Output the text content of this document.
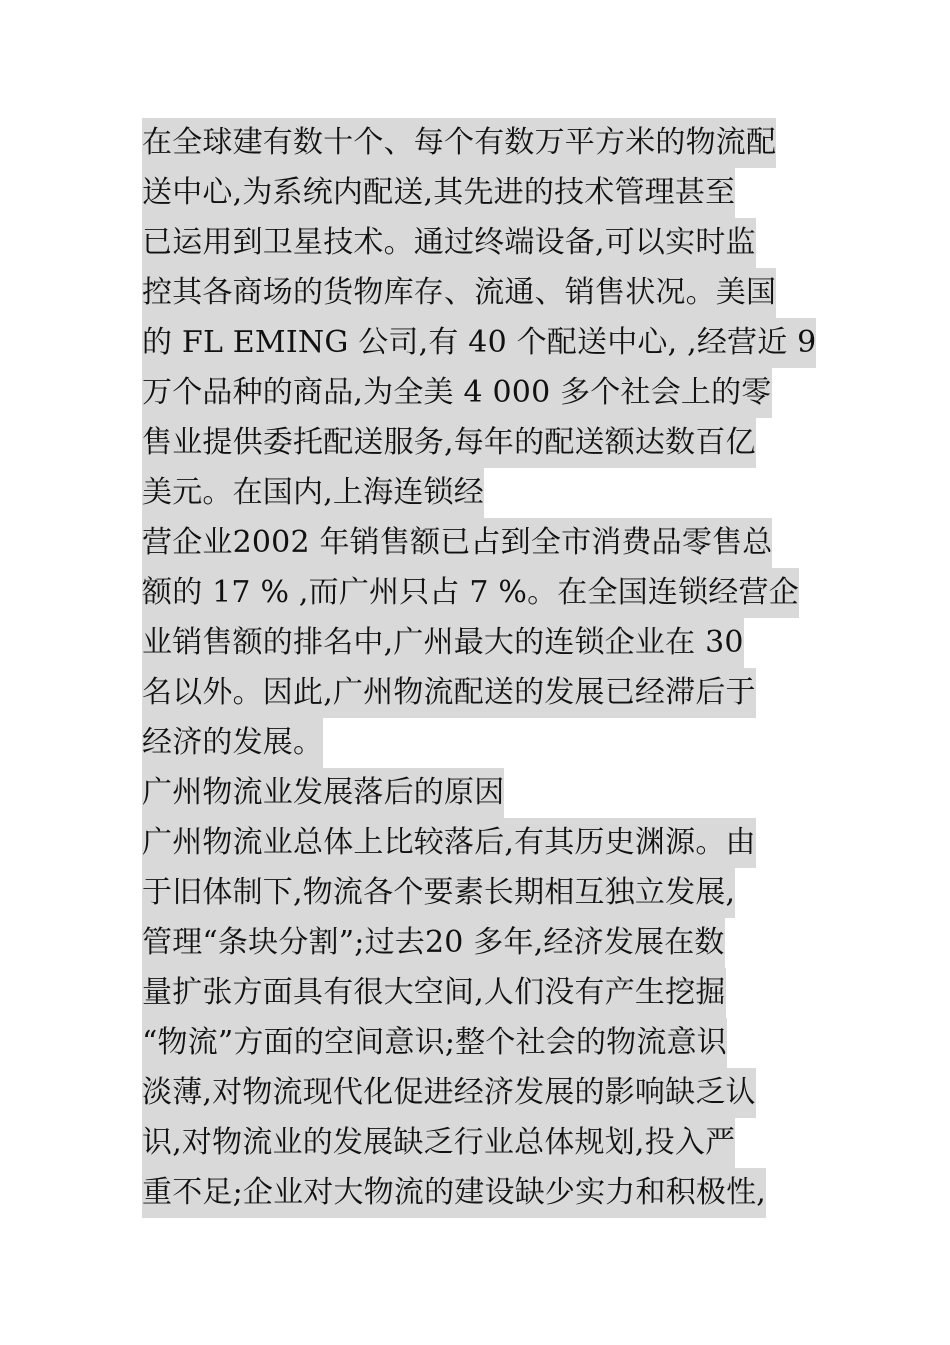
在全球建有数十个、每个有数万平方米的物流配
送中心,为系统内配送,其先进的技术管理甚至
已运用到卫星技术。通过终端设备,可以实时监
控其各商场的货物库存、流通、销售状况。美国
的 FL EMING 公司,有 40 个配送中心, ,经营近 9
万个品种的商品,为全美 4 000 多个社会上的零
售业提供委托配送服务,每年的配送额达数百亿
美元。在国内,上海连锁经
营企业2002 年销售额已占到全市消费品零售总
额的 17 % ,而广州只占 7 %。在全国连锁经营企
业销售额的排名中,广州最大的连锁企业在 30
名以外。因此,广州物流配送的发展已经滞后于
经济的发展。
广州物流业发展落后的原因
广州物流业总体上比较落后,有其历史渊源。由
于旧体制下,物流各个要素长期相互独立发展,
管理“条块分割”;过去20 多年,经济发展在数
量扩张方面具有很大空间,人们没有产生挖掘
“物流”方面的空间意识;整个社会的物流意识
淡薄,对物流现代化促进经济发展的影响缺乏认
识,对物流业的发展缺乏行业总体规划,投入严
重不足;企业对大物流的建设缺少实力和积极性,
